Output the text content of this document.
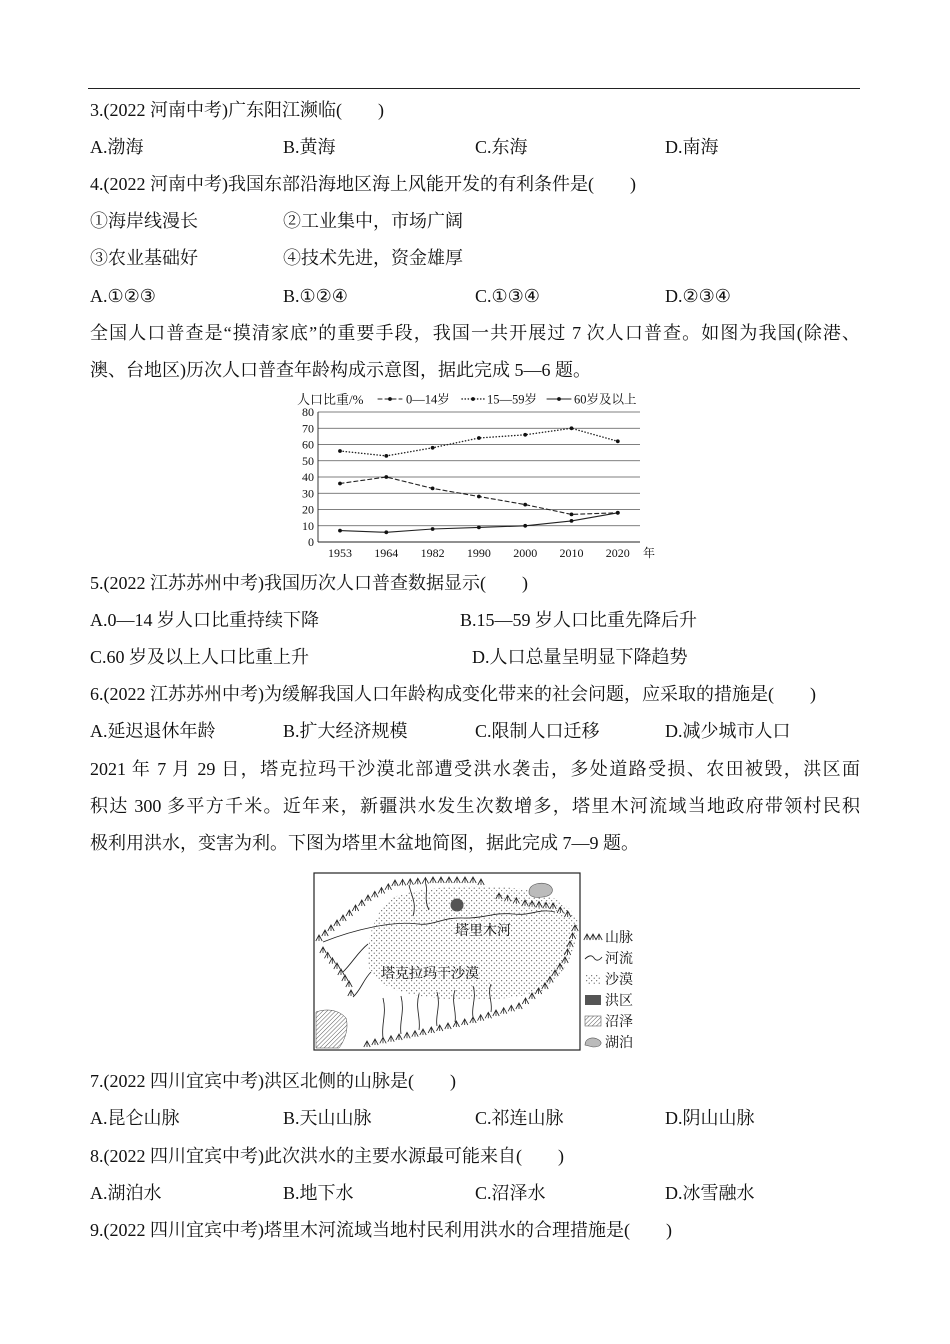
3.(2022 河南中考)广东阳江濒临(　　)
A.渤海	B.黄海	C.东海	D.南海
4.(2022 河南中考)我国东部沿海地区海上风能开发的有利条件是(　　)
①海岸线漫长	②工业集中，市场广阔
③农业基础好	④技术先进，资金雄厚
A.①②③	B.①②④	C.①③④	D.②③④
全国人口普查是“摸清家底”的重要手段，我国一共开展过 7 次人口普查。如图为我国(除港、
澳、台地区)历次人口普查年龄构成示意图，据此完成 5—6 题。
0
10
20
30
40
50
60
70
80
1953 1964 1982 1990 2000 2010 2020 年
人口比重/%	0—14岁	15—59岁	60岁及以上
5.(2022 江苏苏州中考)我国历次人口普查数据显示(　　)
A.0—14 岁人口比重持续下降	B.15—59 岁人口比重先降后升
C.60 岁及以上人口比重上升	D.人口总量呈明显下降趋势
6.(2022 江苏苏州中考)为缓解我国人口年龄构成变化带来的社会问题，应采取的措施是(　　)
A.延迟退休年龄	B.扩大经济规模	C.限制人口迁移	D.减少城市人口
2021 年 7 月 29 日，塔克拉玛干沙漠北部遭受洪水袭击，多处道路受损、农田被毁，洪区面
积达 300 多平方千米。近年来，新疆洪水发生次数增多，塔里木河流域当地政府带领村民积
极利用洪水，变害为利。下图为塔里木盆地简图，据此完成 7—9 题。
塔里木河
塔克拉玛干沙漠
山脉
河流
沙漠
洪区
沼泽
湖泊
7.(2022 四川宜宾中考)洪区北侧的山脉是(　　)
A.昆仑山脉	B.天山山脉	C.祁连山脉	D.阴山山脉
8.(2022 四川宜宾中考)此次洪水的主要水源最可能来自(　　)
A.湖泊水	B.地下水	C.沼泽水	D.冰雪融水
9.(2022 四川宜宾中考)塔里木河流域当地村民利用洪水的合理措施是(　　)
